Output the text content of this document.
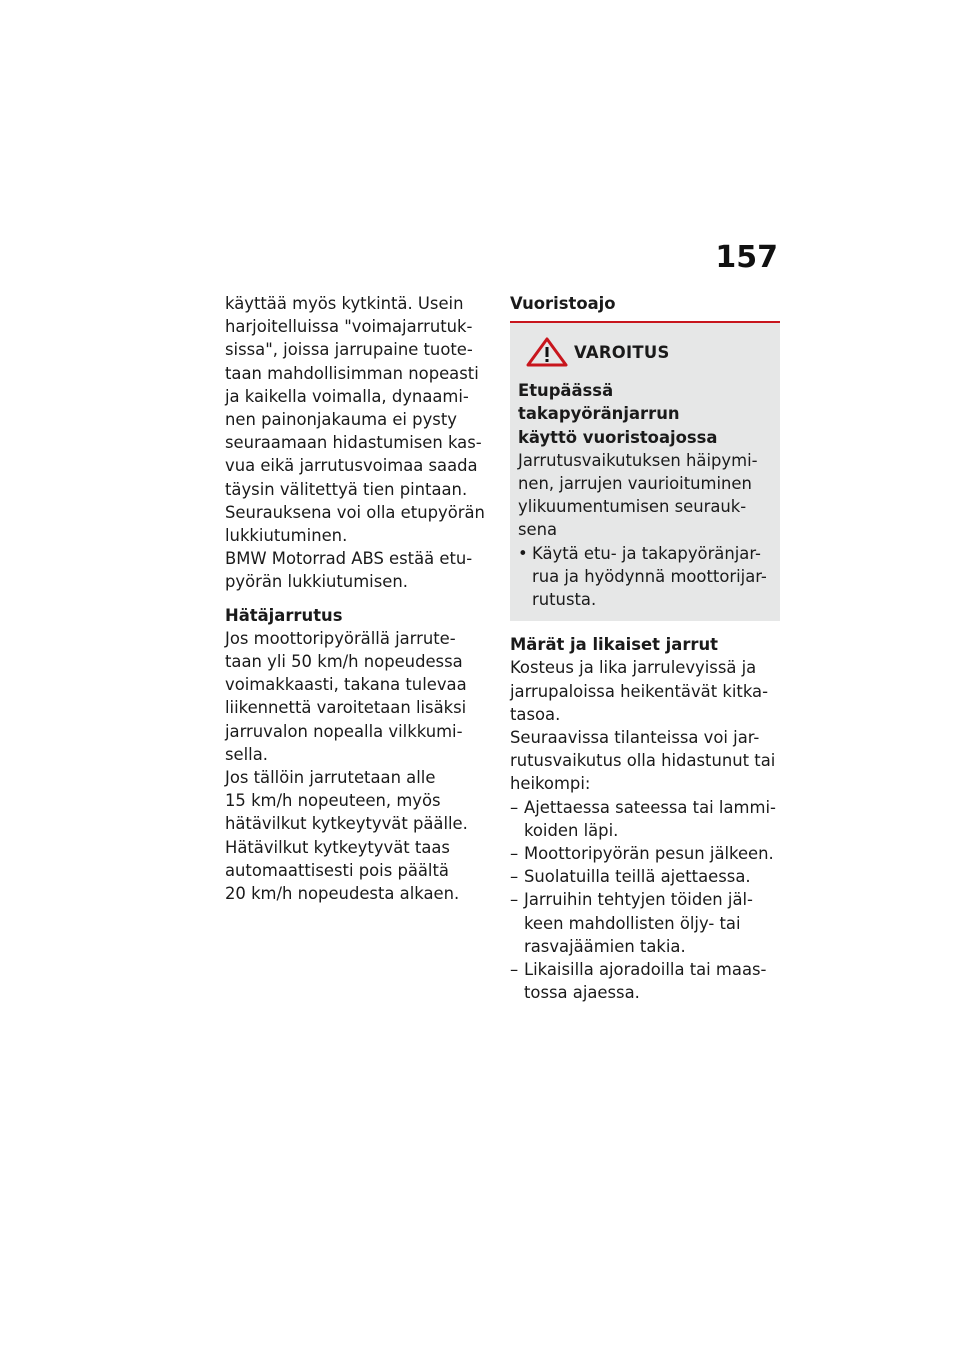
157

käyttää myös kytkintä. Usein
harjoitelluissa "voimajarrutuk-
sissa", joissa jarrupaine tuote-
taan mahdollisimman nopeasti
ja kaikella voimalla, dynaami-
nen painonjakauma ei pysty
seuraamaan hidastumisen kas-
vua eikä jarrutusvoimaa saada
täysin välitettyä tien pintaan.
Seurauksena voi olla etupyörän
lukkiutuminen.

BMW Motorrad ABS estää etu-
pyörän lukkiutumisen.

Hätäjarrutus

Jos moottoripyörällä jarrute-
taan yli 50 km/h nopeudessa
voimakkaasti, takana tulevaa
liikennettä varoitetaan lisäksi
jarruvalon nopealla vilkkumi-
sella.

Jos tällöin jarrutetaan alle
15 km/h nopeuteen, myös
hätävilkut kytkeytyvät päälle.
Hätävilkut kytkeytyvät taas
automaattisesti pois päältä
20 km/h nopeudesta alkaen.

Vuoristoajo
VAROITUS

Etupäässä takapyöränjarrun
käyttö vuoristoajossa

Jarrutusvaikutuksen häipymi-
nen, jarrujen vaurioituminen
ylikuumentumisen seurauk-
sena

• Käytä etu- ja takapyöränjar-
rua ja hyödynnä moottorijar-
rutusta.
Märät ja likaiset jarrut

Kosteus ja lika jarrulevyissä ja
jarrupaloissa heikentävät kitka-
tasoa.

Seuraavissa tilanteissa voi jar-
rutusvaikutus olla hidastunut tai
heikompi:

– Ajettaessa sateessa tai lammi-
koiden läpi.
– Moottoripyörän pesun jälkeen.
– Suolatuilla teillä ajettaessa.
– Jarruihin tehtyjen töiden jäl-
keen mahdollisten öljy- tai
rasvajäämien takia.
– Likaisilla ajoradoilla tai maas-
tossa ajaessa.
